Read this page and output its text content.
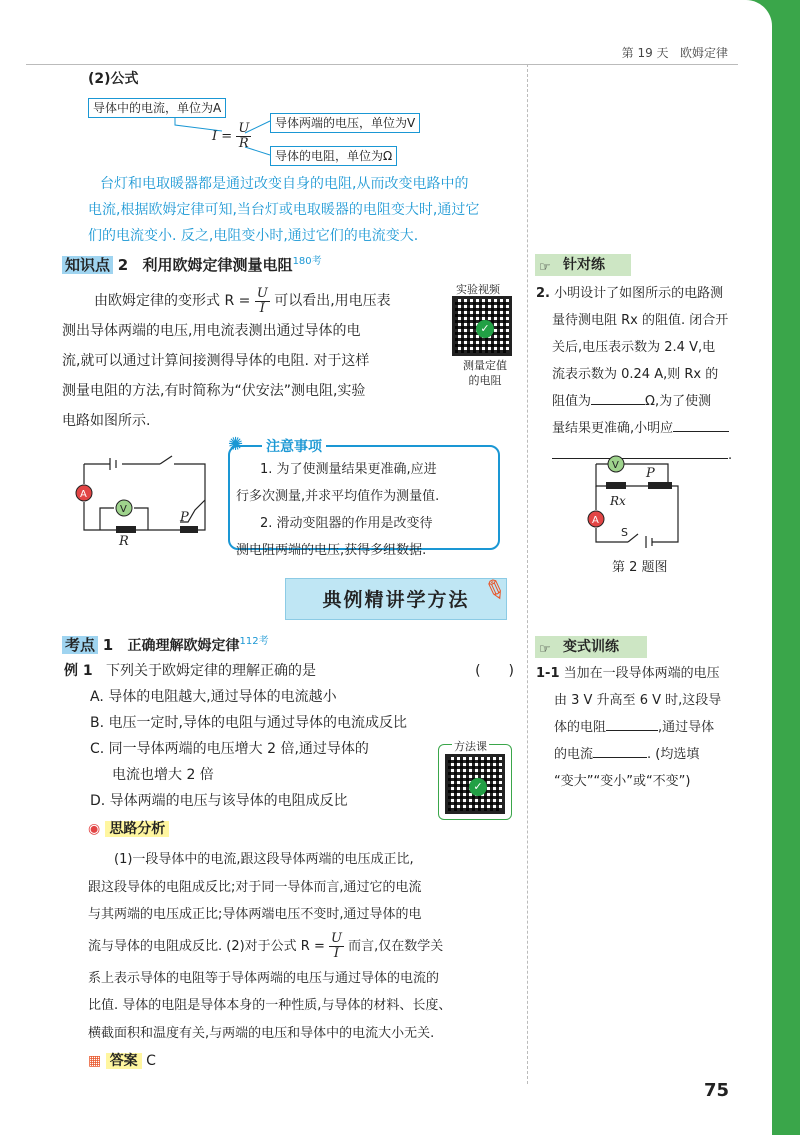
第 19 天 欧姆定律
(2)公式
导体中的电流，单位为A
$I = \frac{U}{R}$	导体两端的电压，单位为V
导体的电阻，单位为Ω
台灯和电取暖器都是通过改变自身的电阻,从而改变电路中的
电流,根据欧姆定律可知,当台灯或电取暖器的电阻变大时,通过它
们的电流变小. 反之,电阻变小时,通过它们的电流变大.
知识点 2 利用欧姆定律测量电阻$^{180考}$
由欧姆定律的变形式 $R = \frac{U}{I}$ 可以看出,用电压表
测出导体两端的电压,用电流表测出通过导体的电
流,就可以通过计算间接测得导体的电阻. 对于这样
测量电阻的方法,有时简称为“伏安法”测电阻,实验
电路如图所示.
实验视频
✓
测量定值
的电阻
A
V
P
R
✺ 注意事项
1. 为了使测量结果更准确,应进
行多次测量,并求平均值作为测量值.
2. 滑动变阻器的作用是改变待
测电阻两端的电压,获得多组数据.
☞ 针对练
2. 小明设计了如图所示的电路测
量待测电阻 Rx 的阻值. 闭合开
关后,电压表示数为 2.4 V,电
流表示数为 0.24 A,则 Rx 的
阻值为	Ω,为了使测
量结果更准确,小明应
.
V
A
P
Rx
S
第 2 题图
典例精讲学方法 ✎
考点 1 正确理解欧姆定律$^{112考}$
例 1 下列关于欧姆定律的理解正确的是	(　　)
A. 导体的电阻越大,通过导体的电流越小
B. 电压一定时,导体的电阻与通过导体的电流成反比
C. 同一导体两端的电压增大 2 倍,通过导体的
电流也增大 2 倍
D. 导体两端的电压与该导体的电阻成反比
方法课
✓
◉ 思路分析
(1)一段导体中的电流,跟这段导体两端的电压成正比,
跟这段导体的电阻成反比;对于同一导体而言,通过它的电流
与其两端的电压成正比;导体两端电压不变时,通过导体的电
流与导体的电阻成反比. (2)对于公式 $R = \frac{U}{I}$ 而言,仅在数学关
系上表示导体的电阻等于导体两端的电压与通过导体的电流的
比值. 导体的电阻是导体本身的一种性质,与导体的材料、长度、
横截面积和温度有关,与两端的电压和导体中的电流大小无关.
▦ 答案 C
☞ 变式训练
1-1 当加在一段导体两端的电压
由 3 V 升高至 6 V 时,这段导
体的电阻	,通过导体
的电流	. (均选填
“变大”“变小”或“不变”)
75
